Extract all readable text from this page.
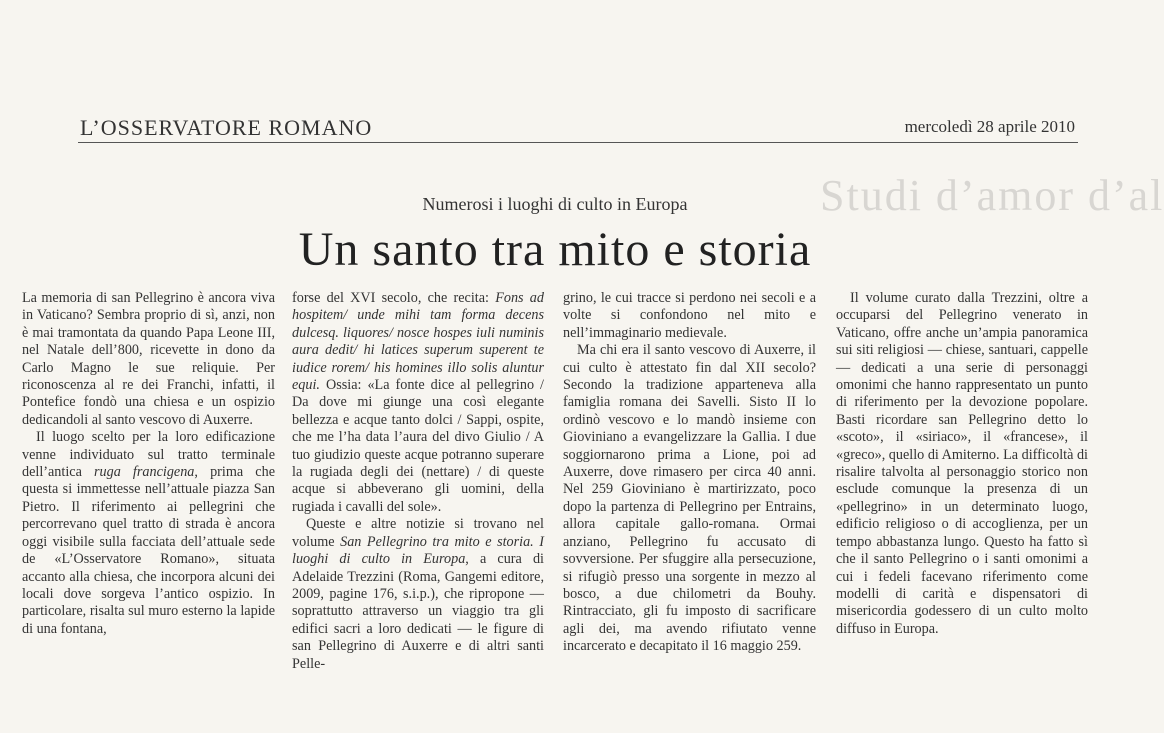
Studi d’amor d’al
L’OSSERVATORE ROMANO	mercoledì 28 aprile 2010
Numerosi i luoghi di culto in Europa
Un santo tra mito e storia

La memoria di san Pellegrino è ancora viva in Vaticano? Sembra proprio di sì, anzi, non è mai tramontata da quando Papa Leone III, nel Natale dell’800, ricevette in dono da Carlo Magno le sue reliquie. Per riconoscenza al re dei Franchi, infatti, il Pontefice fondò una chiesa e un ospizio dedicandoli al santo vescovo di Auxerre.

Il luogo scelto per la loro edificazione venne individuato sul tratto terminale dell’antica ruga francigena, prima che questa si immettesse nell’attuale piazza San Pietro. Il riferimento ai pellegrini che percorrevano quel tratto di strada è ancora oggi visibile sulla facciata dell’attuale sede de «L’Osservatore Romano», situata accanto alla chiesa, che incorpora alcuni dei locali dove sorgeva l’antico ospizio. In particolare, risalta sul muro esterno la lapide di una fontana,

forse del XVI secolo, che recita: Fons ad hospitem/ unde mihi tam forma decens dulcesq. liquores/ nosce hospes iuli numinis aura dedit/ hi latices superum superent te iudice rorem/ his homines illo solis aluntur equi. Ossia: «La fonte dice al pellegrino / Da dove mi giunge una così elegante bellezza e acque tanto dolci / Sappi, ospite, che me l’ha data l’aura del divo Giulio / A tuo giudizio queste acque potranno superare la rugiada degli dei (nettare) / di queste acque si abbeverano gli uomini, della rugiada i cavalli del sole».

Queste e altre notizie si trovano nel volume San Pellegrino tra mito e storia. I luoghi di culto in Europa, a cura di Adelaide Trezzini (Roma, Gangemi editore, 2009, pagine 176, s.i.p.), che ripropone — soprattutto attraverso un viaggio tra gli edifici sacri a loro dedicati — le figure di san Pellegrino di Auxerre e di altri santi Pelle-

grino, le cui tracce si perdono nei secoli e a volte si confondono nel mito e nell’immaginario medievale.

Ma chi era il santo vescovo di Auxerre, il cui culto è attestato fin dal XII secolo? Secondo la tradizione apparteneva alla famiglia romana dei Savelli. Sisto II lo ordinò vescovo e lo mandò insieme con Gioviniano a evangelizzare la Gallia. I due soggiornarono prima a Lione, poi ad Auxerre, dove rimasero per circa 40 anni. Nel 259 Gioviniano è martirizzato, poco dopo la partenza di Pellegrino per Entrains, allora capitale gallo-romana. Ormai anziano, Pellegrino fu accusato di sovversione. Per sfuggire alla persecuzione, si rifugiò presso una sorgente in mezzo al bosco, a due chilometri da Bouhy. Rintracciato, gli fu imposto di sacrificare agli dei, ma avendo rifiutato venne incarcerato e decapitato il 16 maggio 259.

Il volume curato dalla Trezzini, oltre a occuparsi del Pellegrino venerato in Vaticano, offre anche un’ampia panoramica sui siti religiosi — chiese, santuari, cappelle — dedicati a una serie di personaggi omonimi che hanno rappresentato un punto di riferimento per la devozione popolare. Basti ricordare san Pellegrino detto lo «scoto», il «siriaco», il «francese», il «greco», quello di Amiterno. La difficoltà di risalire talvolta al personaggio storico non esclude comunque la presenza di un «pellegrino» in un determinato luogo, edificio religioso o di accoglienza, per un tempo abbastanza lungo. Questo ha fatto sì che il santo Pellegrino o i santi omonimi a cui i fedeli facevano riferimento come modelli di carità e dispensatori di misericordia godessero di un culto molto diffuso in Europa.
